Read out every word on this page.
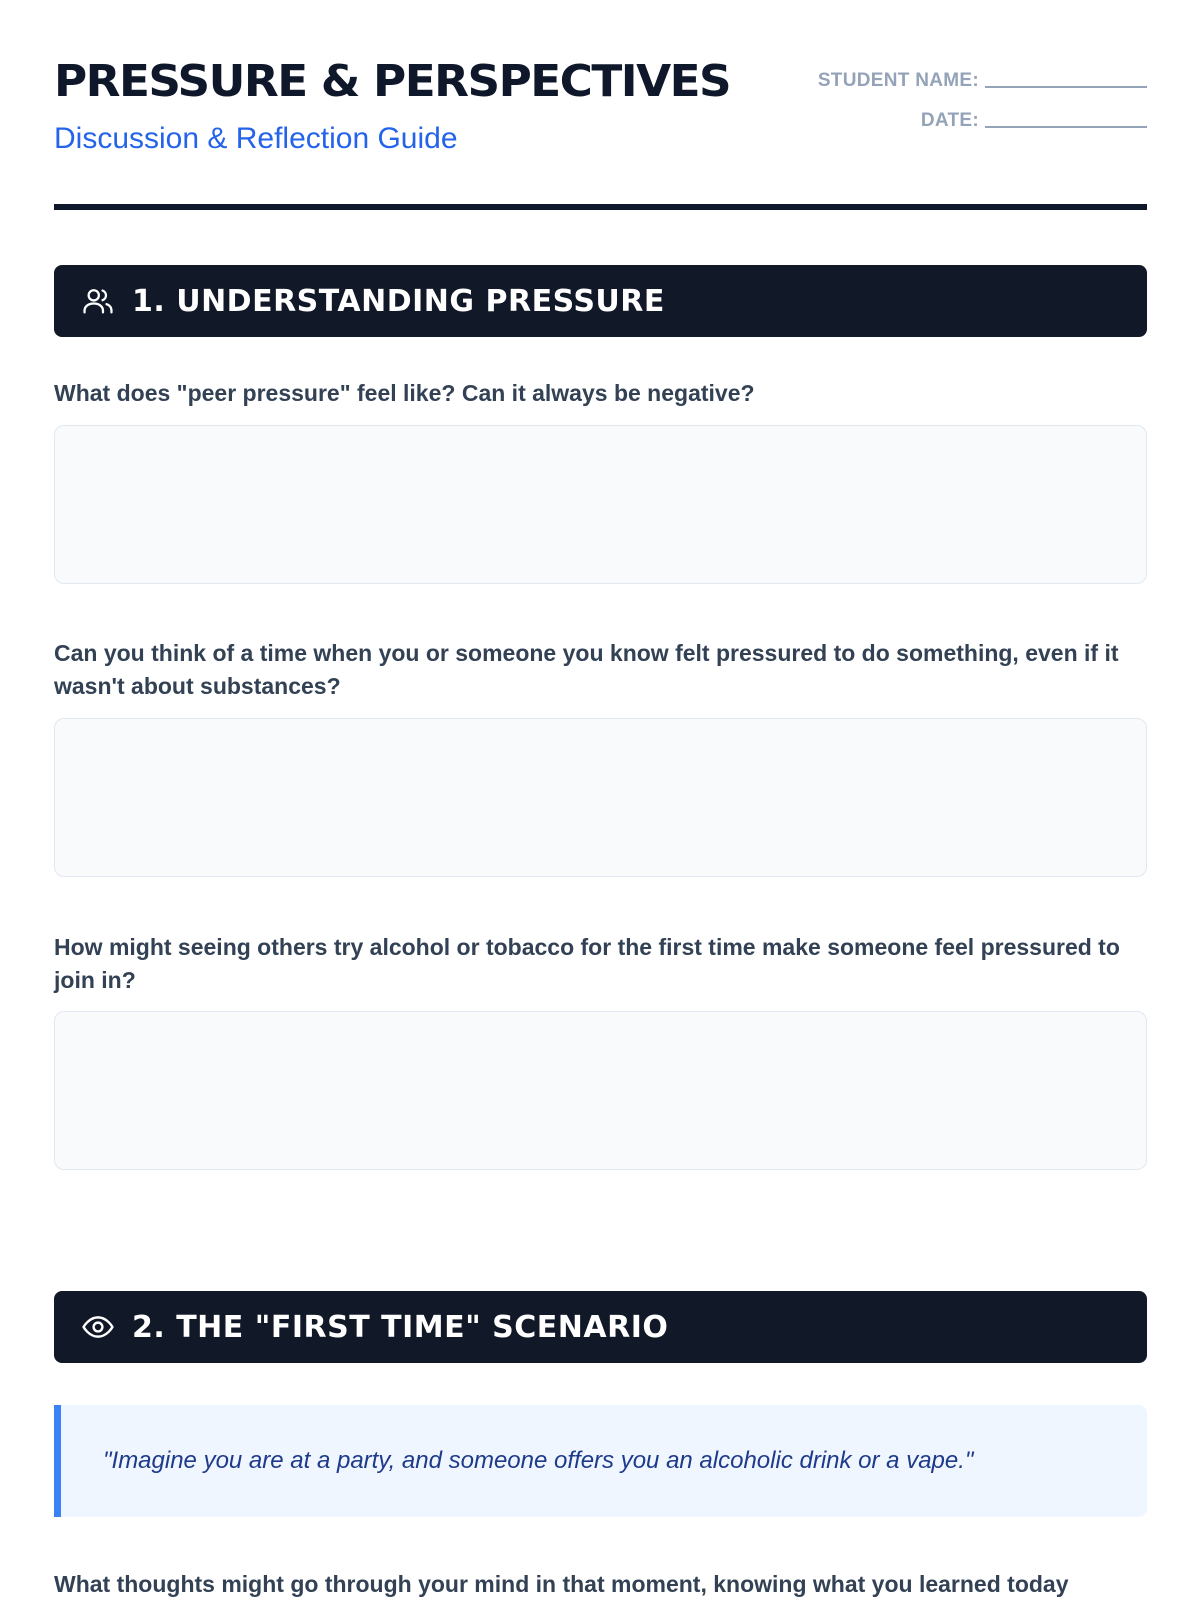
PRESSURE & PERSPECTIVES
Discussion & Reflection Guide
STUDENT NAME:
DATE:
1. UNDERSTANDING PRESSURE
What does "peer pressure" feel like? Can it always be negative?
Can you think of a time when you or someone you know felt pressured to do something, even if it wasn't about substances?
How might seeing others try alcohol or tobacco for the first time make someone feel pressured to join in?
2. THE "FIRST TIME" SCENARIO
"Imagine you are at a party, and someone offers you an alcoholic drink or a vape."
What thoughts might go through your mind in that moment, knowing what you learned today
